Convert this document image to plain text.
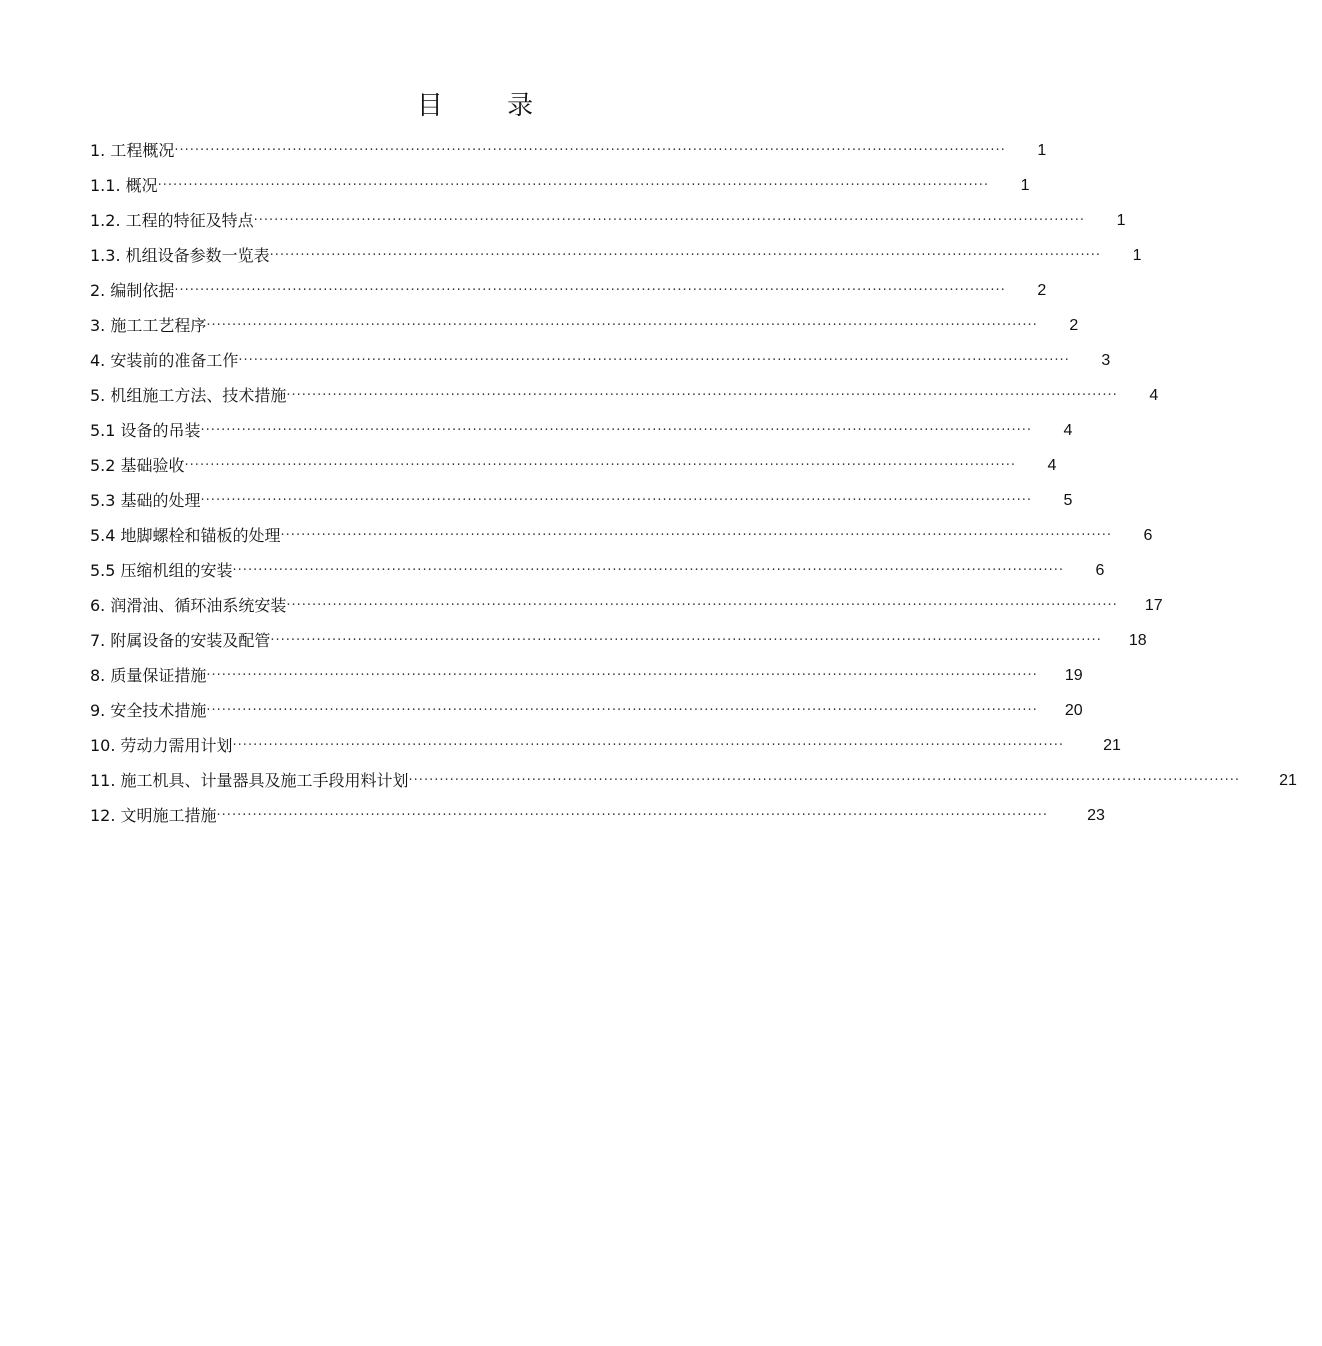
目 录
1. 工程概况 ··································································································································································	1
1.1. 概况 ··································································································································································	1
1.2. 工程的特征及特点 ··································································································································································	1
1.3. 机组设备参数一览表 ··································································································································································	1
2. 编制依据 ··································································································································································	2
3. 施工工艺程序 ··································································································································································	2
4. 安装前的准备工作 ··································································································································································	3
5. 机组施工方法、技术措施 ··································································································································································	4
5.1 设备的吊装 ··································································································································································	4
5.2 基础验收 ··································································································································································	4
5.3 基础的处理 ··································································································································································	5
5.4 地脚螺栓和锚板的处理 ··································································································································································	6
5.5 压缩机组的安装 ··································································································································································	6
6. 润滑油、循环油系统安装 ··································································································································································	17
7. 附属设备的安装及配管 ··································································································································································	18
8. 质量保证措施 ··································································································································································	19
9. 安全技术措施 ··································································································································································	20
10. 劳动力需用计划 ··································································································································································	21
11. 施工机具、计量器具及施工手段用料计划 ··································································································································································	21
12. 文明施工措施 ··································································································································································	23
